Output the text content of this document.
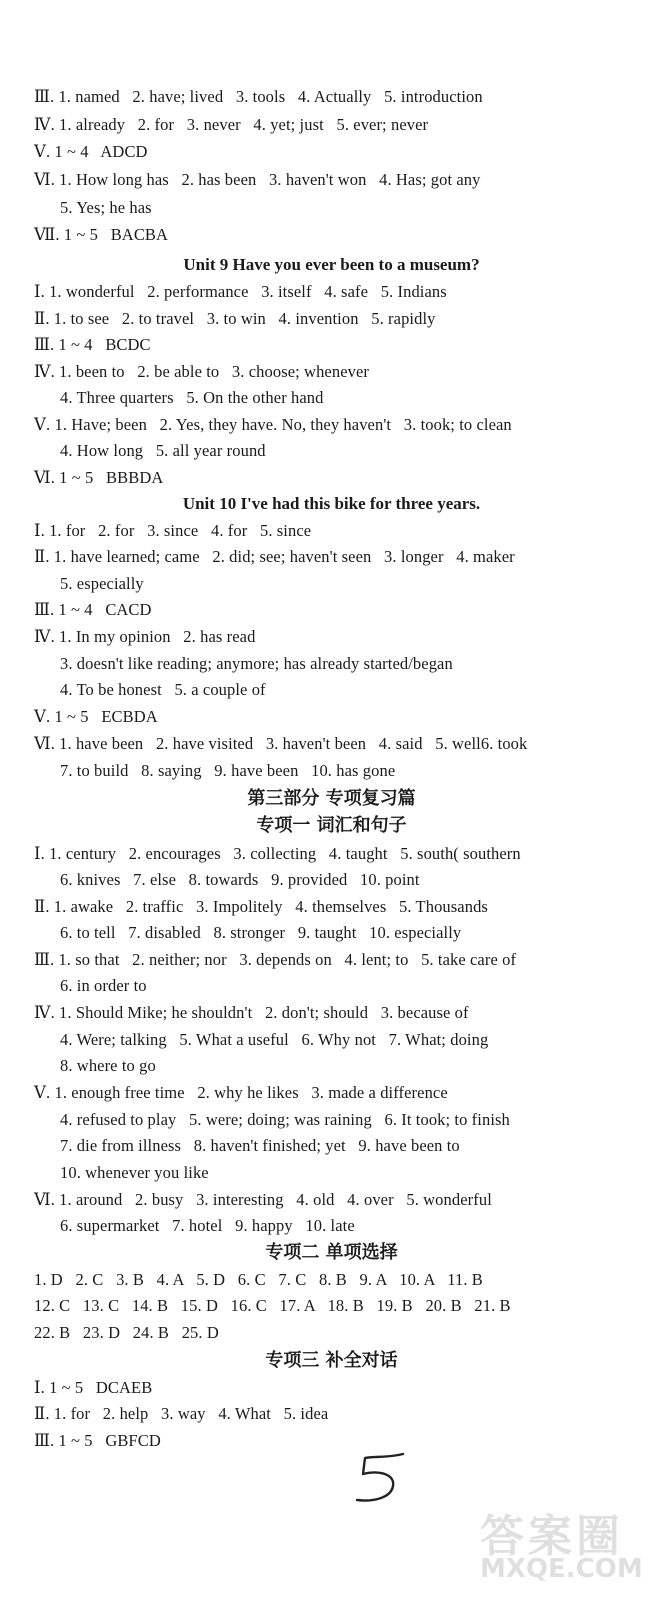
Ⅲ. 1. named   2. have; lived   3. tools   4. Actually   5. introduction
Ⅳ. 1. already   2. for   3. never   4. yet; just   5. ever; never
Ⅴ. 1 ~ 4   ADCD
Ⅵ. 1. How long has   2. has been   3. haven't won   4. Has; got any
5. Yes; he has
Ⅶ. 1 ~ 5   BACBA
Unit 9 Have you ever been to a museum?
Ⅰ. 1. wonderful   2. performance   3. itself   4. safe   5. Indians
Ⅱ. 1. to see   2. to travel   3. to win   4. invention   5. rapidly
Ⅲ. 1 ~ 4   BCDC
Ⅳ. 1. been to   2. be able to   3. choose; whenever
4. Three quarters   5. On the other hand
Ⅴ. 1. Have; been   2. Yes, they have. No, they haven't   3. took; to clean
4. How long   5. all year round
Ⅵ. 1 ~ 5   BBBDA
Unit 10 I've had this bike for three years.
Ⅰ. 1. for   2. for   3. since   4. for   5. since
Ⅱ. 1. have learned; came   2. did; see; haven't seen   3. longer   4. maker
5. especially
Ⅲ. 1 ~ 4   CACD
Ⅳ. 1. In my opinion   2. has read
3. doesn't like reading; anymore; has already started/began
4. To be honest   5. a couple of
Ⅴ. 1 ~ 5   ECBDA
Ⅵ. 1. have been   2. have visited   3. haven't been   4. said   5. well6. took
7. to build   8. saying   9. have been   10. has gone
第三部分 专项复习篇
专项一 词汇和句子
Ⅰ. 1. century   2. encourages   3. collecting   4. taught   5. south( southern
6. knives   7. else   8. towards   9. provided   10. point
Ⅱ. 1. awake   2. traffic   3. Impolitely   4. themselves   5. Thousands
6. to tell   7. disabled   8. stronger   9. taught   10. especially
Ⅲ. 1. so that   2. neither; nor   3. depends on   4. lent; to   5. take care of
6. in order to
Ⅳ. 1. Should Mike; he shouldn't   2. don't; should   3. because of
4. Were; talking   5. What a useful   6. Why not   7. What; doing
8. where to go
Ⅴ. 1. enough free time   2. why he likes   3. made a difference
4. refused to play   5. were; doing; was raining   6. It took; to finish
7. die from illness   8. haven't finished; yet   9. have been to
10. whenever you like
Ⅵ. 1. around   2. busy   3. interesting   4. old   4. over   5. wonderful
6. supermarket   7. hotel   9. happy   10. late
专项二 单项选择
1. D   2. C   3. B   4. A   5. D   6. C   7. C   8. B   9. A   10. A   11. B
12. C   13. C   14. B   15. D   16. C   17. A   18. B   19. B   20. B   21. B
22. B   23. D   24. B   25. D
专项三 补全对话
Ⅰ. 1 ~ 5   DCAEB
Ⅱ. 1. for   2. help   3. way   4. What   5. idea
Ⅲ. 1 ~ 5   GBFCD
答案圈
MXQE.COM
